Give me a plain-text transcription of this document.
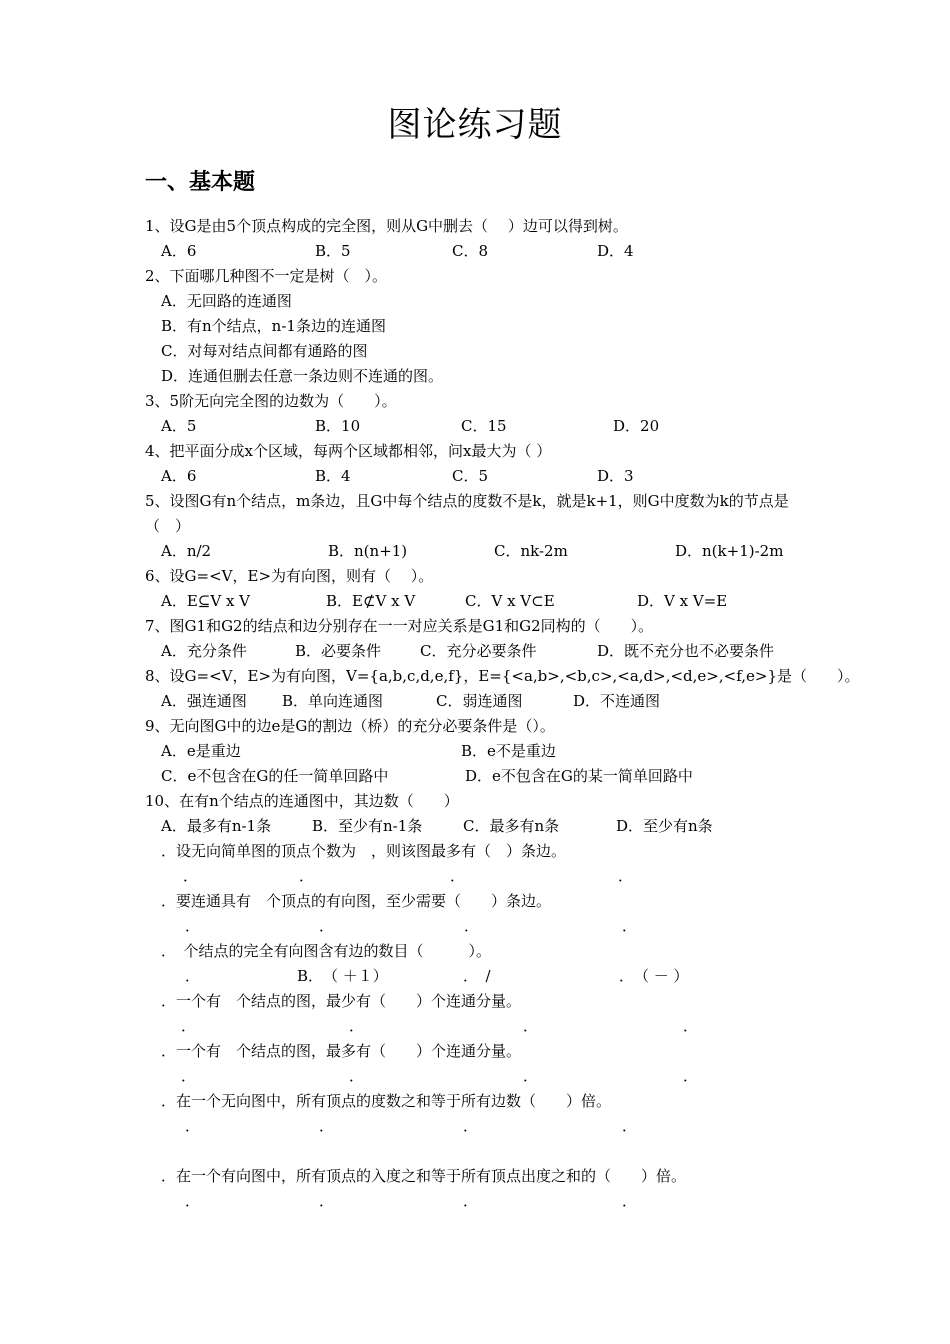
图论练习题
一、基本题
1、设G是由5个顶点构成的完全图，则从G中删去（　 ）边可以得到树。
A．6	B．5	C．8	D．4
2、下面哪几种图不一定是树（　）。
A．无回路的连通图
B．有n个结点，n-1条边的连通图
C．对每对结点间都有通路的图
D．连通但删去任意一条边则不连通的图。
3、5阶无向完全图的边数为（　　）。
A．5	B．10	C．15	D．20
4、把平面分成x个区域，每两个区域都相邻，问x最大为（ ）
A．6	B．4	C．5	D．3
5、设图G有n个结点，m条边，且G中每个结点的度数不是k，就是k+1，则G中度数为k的节点是（　）
A．n/2	B．n(n+1)	C．nk-2m	D．n(k+1)-2m
6、设G=<V，E>为有向图，则有（　 ）。
A．E⊆V x V	B．E⊄V x V	C．V x V⊂E	D．V x V=E
7、图G1和G2的结点和边分别存在一一对应关系是G1和G2同构的（　　）。
A．充分条件	B．必要条件	C．充分必要条件	D．既不充分也不必要条件
8、设G=<V，E>为有向图，V={a,b,c,d,e,f}，E={<a,b>,<b,c>,<a,d>,<d,e>,<f,e>}是（　　）。
A．强连通图 B．单向连通图	C．弱连通图	D．不连通图
9、无向图G中的边e是G的割边（桥）的充分必要条件是（）。
A．e是重边	B．e不是重边
C．e不包含在G的任一简单回路中	D．e不包含在G的某一简单回路中
10、在有n个结点的连通图中，其边数（　　）
A．最多有n-1条	B．至少有n-1条	C．最多有n条	D．至少有n条
．设无向简单图的顶点个数为　，则该图最多有（　）条边。
．	．	．	．
．要连通具有　个顶点的有向图，至少需要（　　）条边。
．	．	．	．
．　个结点的完全有向图含有边的数目（　　　）。
．	B．　（ ＋１）	．　/	．　（ － ）
．一个有　个结点的图，最少有（　　）个连通分量。
．	．	．	．
．一个有　个结点的图，最多有（　　）个连通分量。
．	．	．	．
．在一个无向图中，所有顶点的度数之和等于所有边数（　　）倍。
．	．	．	．
．在一个有向图中，所有顶点的入度之和等于所有顶点出度之和的（　　）倍。
．	．	．	．
